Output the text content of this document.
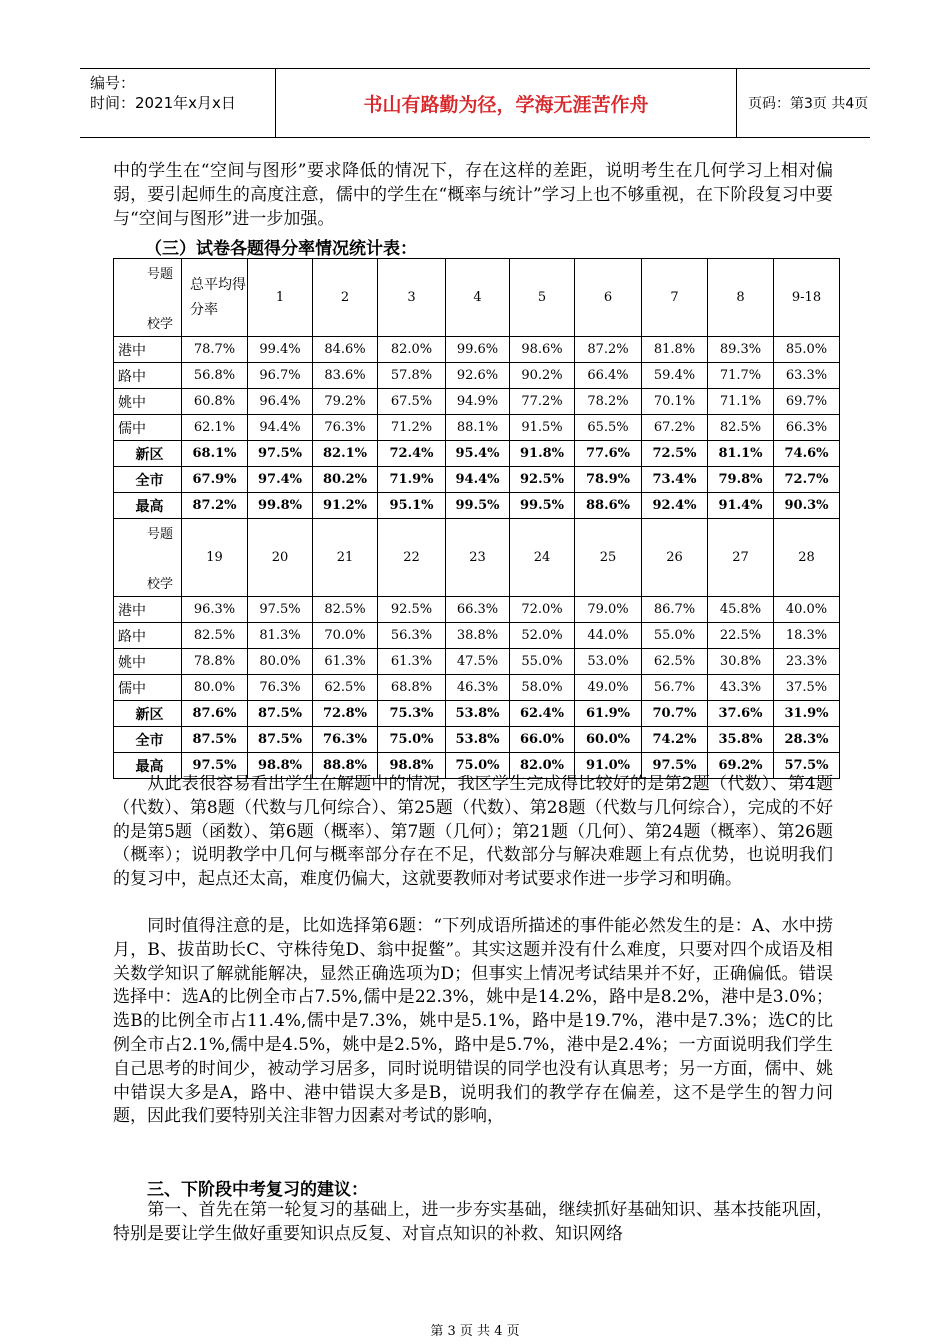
编号：
时间：2021年x月x日	书山有路勤为径，学海无涯苦作舟	页码：第3页 共4页
中的学生在“空间与图形”要求降低的情况下，存在这样的差距，说明考生在几何学习上相对偏弱，要引起师生的高度注意，儒中的学生在“概率与统计”学习上也不够重视，在下阶段复习中要与“空间与图形”进一步加强。
（三）试卷各题得分率情况统计表：
号题
校学	总平均得分率	1	2	3	4	5	6	7	8	9-18
港中	78.7%	99.4%	84.6%	82.0%	99.6%	98.6%	87.2%	81.8%	89.3%	85.0%
路中	56.8%	96.7%	83.6%	57.8%	92.6%	90.2%	66.4%	59.4%	71.7%	63.3%
姚中	60.8%	96.4%	79.2%	67.5%	94.9%	77.2%	78.2%	70.1%	71.1%	69.7%
儒中	62.1%	94.4%	76.3%	71.2%	88.1%	91.5%	65.5%	67.2%	82.5%	66.3%
新区	68.1%	97.5%	82.1%	72.4%	95.4%	91.8%	77.6%	72.5%	81.1%	74.6%
全市	67.9%	97.4%	80.2%	71.9%	94.4%	92.5%	78.9%	73.4%	79.8%	72.7%
最高	87.2%	99.8%	91.2%	95.1%	99.5%	99.5%	88.6%	92.4%	91.4%	90.3%

号题
校学	19	20	21	22	23	24	25	26	27	28
港中	96.3%	97.5%	82.5%	92.5%	66.3%	72.0%	79.0%	86.7%	45.8%	40.0%
路中	82.5%	81.3%	70.0%	56.3%	38.8%	52.0%	44.0%	55.0%	22.5%	18.3%
姚中	78.8%	80.0%	61.3%	61.3%	47.5%	55.0%	53.0%	62.5%	30.8%	23.3%
儒中	80.0%	76.3%	62.5%	68.8%	46.3%	58.0%	49.0%	56.7%	43.3%	37.5%
新区	87.6%	87.5%	72.8%	75.3%	53.8%	62.4%	61.9%	70.7%	37.6%	31.9%
全市	87.5%	87.5%	76.3%	75.0%	53.8%	66.0%	60.0%	74.2%	35.8%	28.3%
最高	97.5%	98.8%	88.8%	98.8%	75.0%	82.0%	91.0%	97.5%	69.2%	57.5%
从此表很容易看出学生在解题中的情况，我区学生完成得比较好的是第2题（代数）、第4题（代数）、第8题（代数与几何综合）、第25题（代数）、第28题（代数与几何综合），完成的不好的是第5题（函数）、第6题（概率）、第7题（几何）；第21题（几何）、第24题（概率）、第26题（概率）；说明教学中几何与概率部分存在不足，代数部分与解决难题上有点优势，也说明我们的复习中，起点还太高，难度仍偏大，这就要教师对考试要求作进一步学习和明确。
同时值得注意的是，比如选择第6题：“下列成语所描述的事件能必然发生的是：A、水中捞月，B、拔苗助长C、守株待兔D、翁中捉鳖”。其实这题并没有什么难度，只要对四个成语及相关数学知识了解就能解决，显然正确选项为D；但事实上情况考试结果并不好，正确偏低。错误选择中：选A的比例全市占7.5%,儒中是22.3%，姚中是14.2%，路中是8.2%，港中是3.0%；选B的比例全市占11.4%,儒中是7.3%，姚中是5.1%，路中是19.7%，港中是7.3%；选C的比例全市占2.1%,儒中是4.5%，姚中是2.5%，路中是5.7%，港中是2.4%；一方面说明我们学生自己思考的时间少，被动学习居多，同时说明错误的同学也没有认真思考；另一方面，儒中、姚中错误大多是A，路中、港中错误大多是B，说明我们的教学存在偏差，这不是学生的智力问题，因此我们要特别关注非智力因素对考试的影响，
三、下阶段中考复习的建议：
第一、首先在第一轮复习的基础上，进一步夯实基础，继续抓好基础知识、基本技能巩固，特别是要让学生做好重要知识点反复、对盲点知识的补救、知识网络
第 3 页 共 4 页
